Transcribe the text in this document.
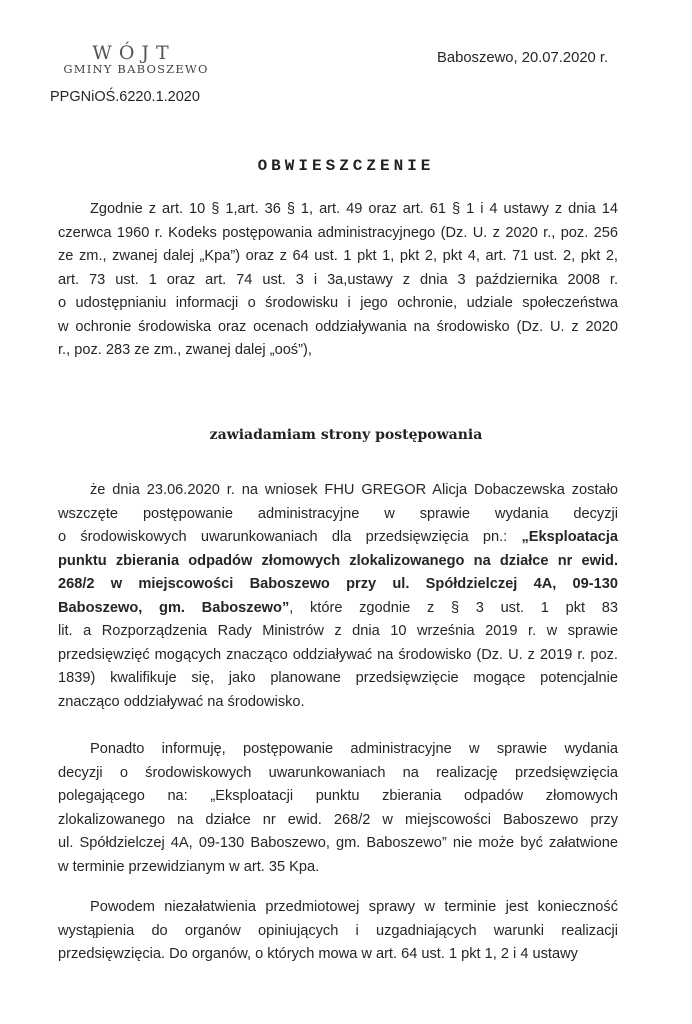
WÓJT
GMINY BABOSZEWO
Baboszewo, 20.07.2020 r.
PPGNiOŚ.6220.1.2020
OBWIESZCZENIE
Zgodnie z art. 10 § 1,art. 36 § 1, art. 49 oraz art. 61 § 1 i 4 ustawy z dnia 14
czerwca 1960 r. Kodeks postępowania administracyjnego (Dz. U. z 2020 r., poz. 256
ze zm., zwanej dalej „Kpa”) oraz z 64 ust. 1 pkt 1, pkt 2, pkt 4, art. 71 ust. 2, pkt 2,
art. 73 ust. 1 oraz art. 74 ust. 3 i 3a,ustawy z dnia 3 października 2008 r.
o udostępnianiu informacji o środowisku i jego ochronie, udziale społeczeństwa
w ochronie środowiska oraz ocenach oddziaływania na środowisko (Dz. U. z 2020
r., poz. 283 ze zm., zwanej dalej „ooś”),
zawiadamiam strony postępowania
że dnia 23.06.2020 r. na wniosek FHU GREGOR Alicja Dobaczewska zostało
wszczęte postępowanie administracyjne w sprawie wydania decyzji
o środowiskowych uwarunkowaniach dla przedsięwzięcia pn.: „Eksploatacja
punktu zbierania odpadów złomowych zlokalizowanego na działce nr ewid.
268/2 w miejscowości Baboszewo przy ul. Spółdzielczej 4A, 09-130
Baboszewo, gm. Baboszewo”, które zgodnie z § 3 ust. 1 pkt 83
lit. a Rozporządzenia Rady Ministrów z dnia 10 września 2019 r. w sprawie
przedsięwzięć mogących znacząco oddziaływać na środowisko (Dz. U. z 2019 r. poz.
1839) kwalifikuje się, jako planowane przedsięwzięcie mogące potencjalnie
znacząco oddziaływać na środowisko.
Ponadto informuję, postępowanie administracyjne w sprawie wydania
decyzji o środowiskowych uwarunkowaniach na realizację przedsięwzięcia
polegającego na: „Eksploatacji punktu zbierania odpadów złomowych
zlokalizowanego na działce nr ewid. 268/2 w miejscowości Baboszewo przy
ul. Spółdzielczej 4A, 09-130 Baboszewo, gm. Baboszewo” nie może być załatwione
w terminie przewidzianym w art. 35 Kpa.
Powodem niezałatwienia przedmiotowej sprawy w terminie jest konieczność
wystąpienia do organów opiniujących i uzgadniających warunki realizacji
przedsięwzięcia. Do organów, o których mowa w art. 64 ust. 1 pkt 1, 2 i 4 ustawy
